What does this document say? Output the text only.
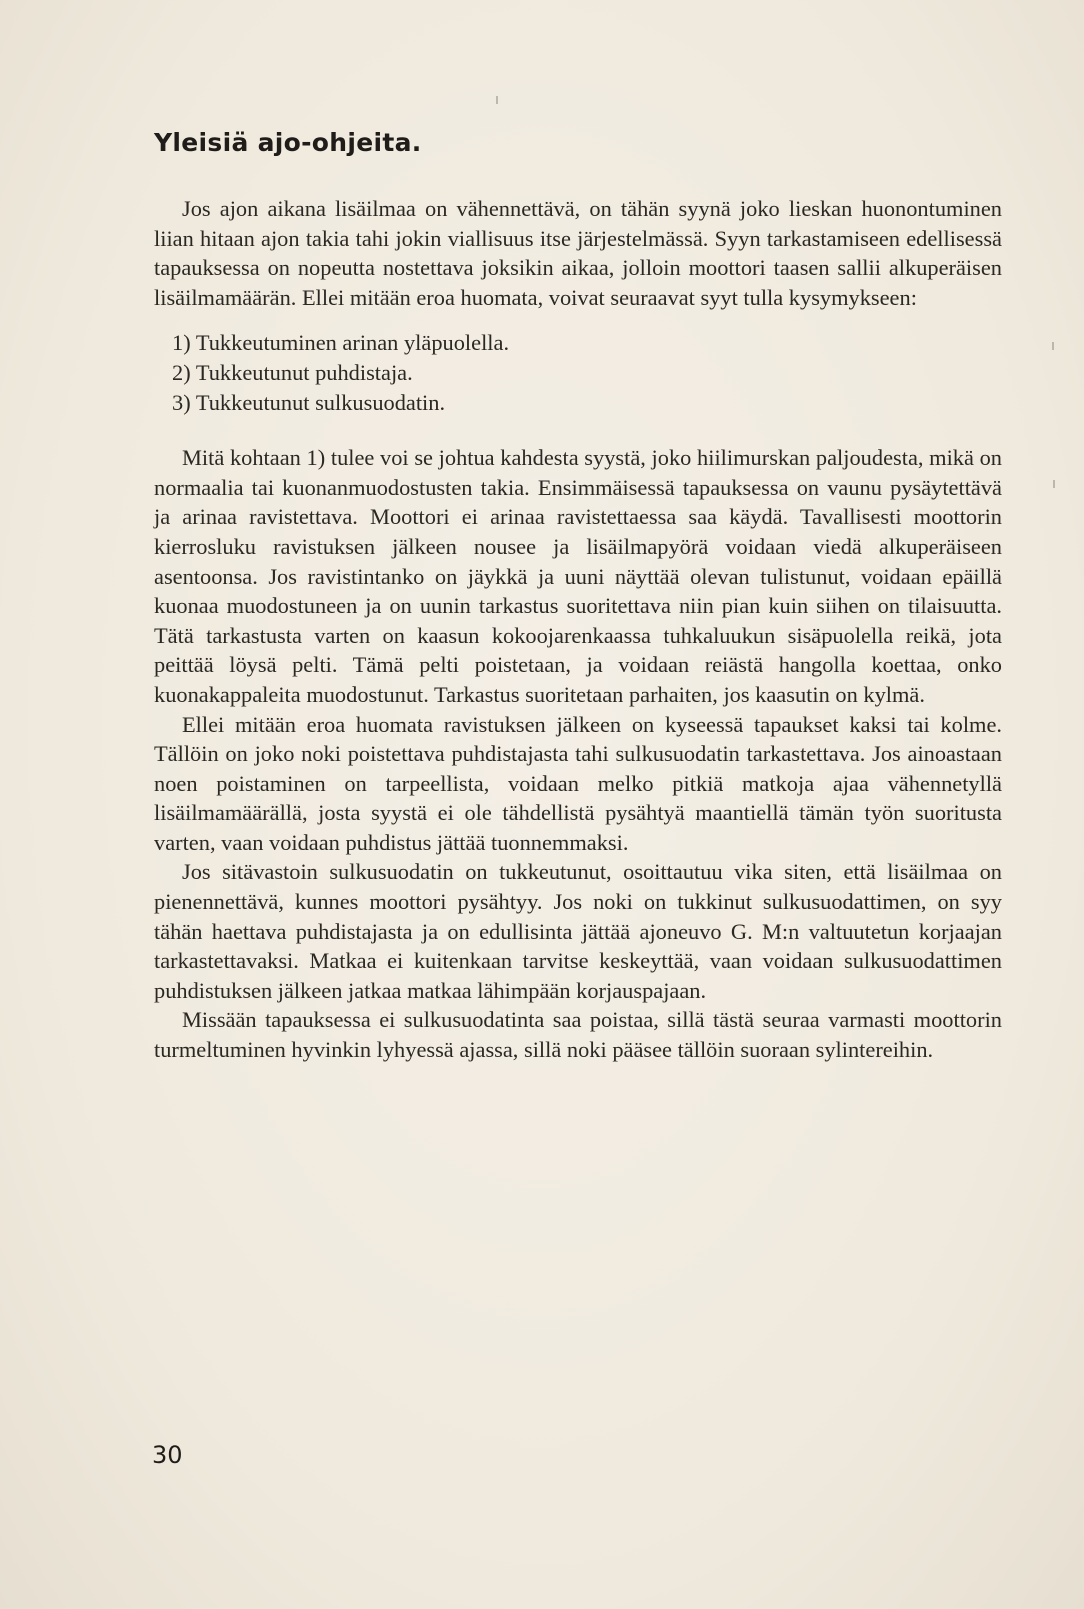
Yleisiä ajo-ohjeita.

Jos ajon aikana lisäilmaa on vähennettävä, on tähän syynä joko lieskan huonontuminen liian hitaan ajon takia tahi jokin viallisuus itse järjestelmässä. Syyn tarkastamiseen edellisessä tapauksessa on nopeutta nostettava joksikin aikaa, jolloin moottori taasen sallii alkuperäisen lisäilmamäärän. Ellei mitään eroa huomata, voivat seuraavat syyt tulla kysymykseen:

1) Tukkeutuminen arinan yläpuolella.
2) Tukkeutunut puhdistaja.
3) Tukkeutunut sulkusuodatin.

Mitä kohtaan 1) tulee voi se johtua kahdesta syystä, joko hiilimurskan paljoudesta, mikä on normaalia tai kuonanmuodostusten takia. Ensimmäisessä tapauksessa on vaunu pysäytettävä ja arinaa ravistettava. Moottori ei arinaa ravistettaessa saa käydä. Tavallisesti moottorin kierrosluku ravistuksen jälkeen nousee ja lisäilmapyörä voidaan viedä alkuperäiseen asentoonsa. Jos ravistintanko on jäykkä ja uuni näyttää olevan tulistunut, voidaan epäillä kuonaa muodostuneen ja on uunin tarkastus suoritettava niin pian kuin siihen on tilaisuutta. Tätä tarkastusta varten on kaasun kokoojarenkaassa tuhkaluukun sisäpuolella reikä, jota peittää löysä pelti. Tämä pelti poistetaan, ja voidaan reiästä hangolla koettaa, onko kuonakappaleita muodostunut. Tarkastus suoritetaan parhaiten, jos kaasutin on kylmä.

Ellei mitään eroa huomata ravistuksen jälkeen on kyseessä tapaukset kaksi tai kolme. Tällöin on joko noki poistettava puhdistajasta tahi sulkusuodatin tarkastettava. Jos ainoastaan noen poistaminen on tarpeellista, voidaan melko pitkiä matkoja ajaa vähennetyllä lisäilmamäärällä, josta syystä ei ole tähdellistä pysähtyä maantiellä tämän työn suoritusta varten, vaan voidaan puhdistus jättää tuonnemmaksi.

Jos sitävastoin sulkusuodatin on tukkeutunut, osoittautuu vika siten, että lisäilmaa on pienennettävä, kunnes moottori pysähtyy. Jos noki on tukkinut sulkusuodattimen, on syy tähän haettava puhdistajasta ja on edullisinta jättää ajoneuvo G. M:n valtuutetun korjaajan tarkastettavaksi. Matkaa ei kuitenkaan tarvitse keskeyttää, vaan voidaan sulkusuodattimen puhdistuksen jälkeen jatkaa matkaa lähimpään korjauspajaan.

Missään tapauksessa ei sulkusuodatinta saa poistaa, sillä tästä seuraa varmasti moottorin turmeltuminen hyvinkin lyhyessä ajassa, sillä noki pääsee tällöin suoraan sylintereihin.

30
